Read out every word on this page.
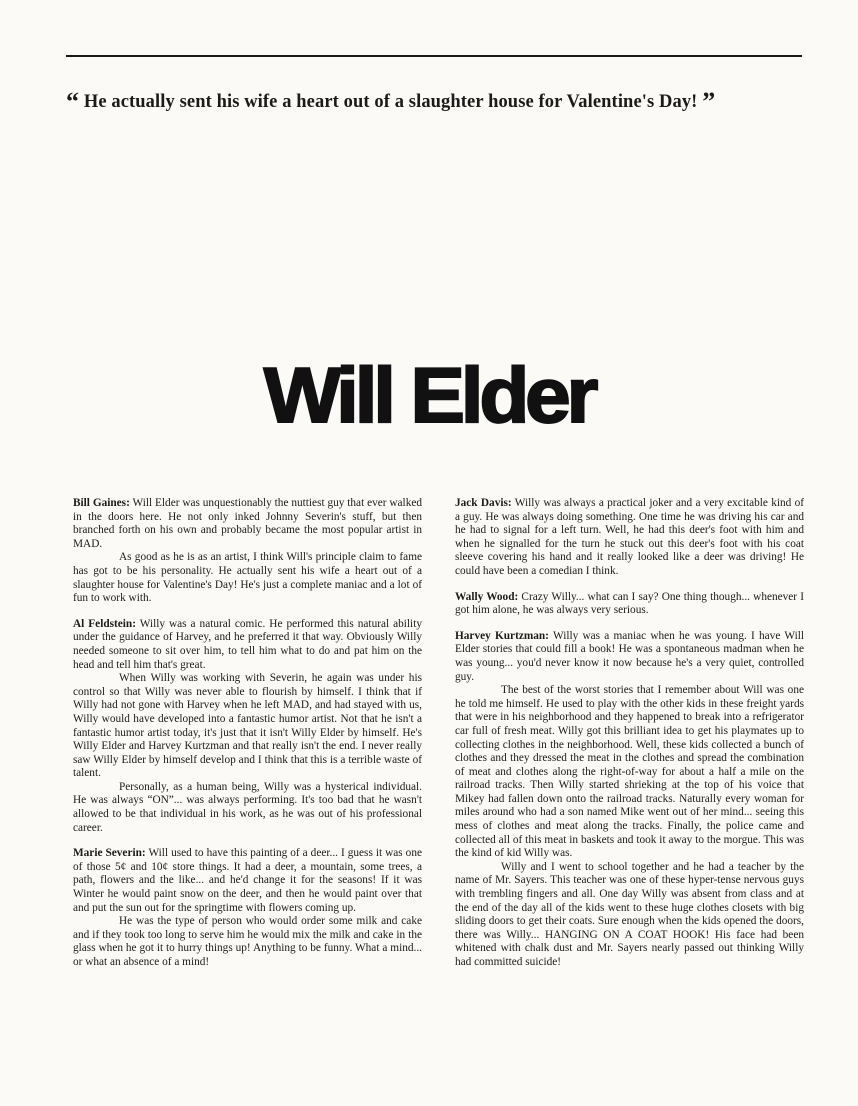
“ He actually sent his wife a heart out of a slaughter house for Valentine's Day! ”
Will Elder

Bill Gaines: Will Elder was unquestionably the nuttiest guy that ever walked in the doors here. He not only inked Johnny Severin's stuff, but then branched forth on his own and probably became the most popular artist in MAD.

As good as he is as an artist, I think Will's principle claim to fame has got to be his personality. He actually sent his wife a heart out of a slaughter house for Valentine's Day! He's just a complete maniac and a lot of fun to work with.

Al Feldstein: Willy was a natural comic. He performed this natural ability under the guidance of Harvey, and he preferred it that way. Obviously Willy needed someone to sit over him, to tell him what to do and pat him on the head and tell him that's great.

When Willy was working with Severin, he again was under his control so that Willy was never able to flourish by himself. I think that if Willy had not gone with Harvey when he left MAD, and had stayed with us, Willy would have developed into a fantastic humor artist. Not that he isn't a fantastic humor artist today, it's just that it isn't Willy Elder by himself. He's Willy Elder and Harvey Kurtzman and that really isn't the end. I never really saw Willy Elder by himself develop and I think that this is a terrible waste of talent.

Personally, as a human being, Willy was a hysterical individual. He was always “ON”... was always performing. It's too bad that he wasn't allowed to be that individual in his work, as he was out of his professional career.

Marie Severin: Will used to have this painting of a deer... I guess it was one of those 5¢ and 10¢ store things. It had a deer, a mountain, some trees, a path, flowers and the like... and he'd change it for the seasons! If it was Winter he would paint snow on the deer, and then he would paint over that and put the sun out for the springtime with flowers coming up.

He was the type of person who would order some milk and cake and if they took too long to serve him he would mix the milk and cake in the glass when he got it to hurry things up! Anything to be funny. What a mind... or what an absence of a mind!

Jack Davis: Willy was always a practical joker and a very excitable kind of a guy. He was always doing something. One time he was driving his car and he had to signal for a left turn. Well, he had this deer's foot with him and when he signalled for the turn he stuck out this deer's foot with his coat sleeve covering his hand and it really looked like a deer was driving! He could have been a comedian I think.

Wally Wood: Crazy Willy... what can I say? One thing though... whenever I got him alone, he was always very serious.

Harvey Kurtzman: Willy was a maniac when he was young. I have Will Elder stories that could fill a book! He was a spontaneous madman when he was young... you'd never know it now because he's a very quiet, controlled guy.

The best of the worst stories that I remember about Will was one he told me himself. He used to play with the other kids in these freight yards that were in his neighborhood and they happened to break into a refrigerator car full of fresh meat. Willy got this brilliant idea to get his playmates up to collecting clothes in the neighborhood. Well, these kids collected a bunch of clothes and they dressed the meat in the clothes and spread the combination of meat and clothes along the right-of-way for about a half a mile on the railroad tracks. Then Willy started shrieking at the top of his voice that Mikey had fallen down onto the railroad tracks. Naturally every woman for miles around who had a son named Mike went out of her mind... seeing this mess of clothes and meat along the tracks. Finally, the police came and collected all of this meat in baskets and took it away to the morgue. This was the kind of kid Willy was.

Willy and I went to school together and he had a teacher by the name of Mr. Sayers. This teacher was one of these hyper-tense nervous guys with trembling fingers and all. One day Willy was absent from class and at the end of the day all of the kids went to these huge clothes closets with big sliding doors to get their coats. Sure enough when the kids opened the doors, there was Willy... HANGING ON A COAT HOOK! His face had been whitened with chalk dust and Mr. Sayers nearly passed out thinking Willy had committed suicide!
